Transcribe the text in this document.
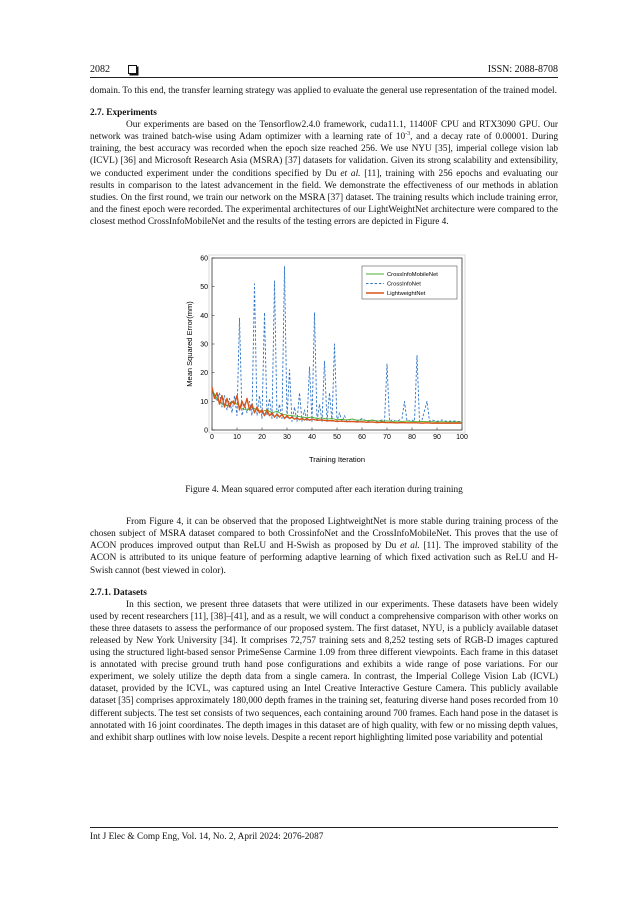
2082	ISSN: 2088-8708

domain. To this end, the transfer learning strategy was applied to evaluate the general use representation of the trained model.

2.7. Experiments

Our experiments are based on the Tensorflow2.4.0 framework, cuda11.1, 11400F CPU and RTX3090 GPU. Our network was trained batch-wise using Adam optimizer with a learning rate of $10^{-3}$, and a decay rate of 0.00001. During training, the best accuracy was recorded when the epoch size reached 256. We use NYU [35], imperial college vision lab (ICVL) [36] and Microsoft Research Asia (MSRA) [37] datasets for validation. Given its strong scalability and extensibility, we conducted experiment under the conditions specified by Du et al. [11], training with 256 epochs and evaluating our results in comparison to the latest advancement in the field. We demonstrate the effectiveness of our methods in ablation studies. On the first round, we train our network on the MSRA [37] dataset. The training results which include training error, and the finest epoch were recorded. The experimental architectures of our LightWeightNet architecture were compared to the closest method CrossInfoMobileNet and the results of the testing errors are depicted in Figure 4.

0	10 20 30 40 50 60 70 80 90 100
0
10
20
30
40
50
60
CrossInfoMobileNet
CrossInfoNet
LightweightNet
Training Iteration
Mean Squared Error(mm)
Figure 4. Mean squared error computed after each iteration during training

From Figure 4, it can be observed that the proposed LightweightNet is more stable during training process of the chosen subject of MSRA dataset compared to both CrossinfoNet and the CrossInfoMobileNet. This proves that the use of ACON produces improved output than ReLU and H-Swish as proposed by Du et al. [11]. The improved stability of the ACON is attributed to its unique feature of performing adaptive learning of which fixed activation such as ReLU and H-Swish cannot (best viewed in color).

2.7.1. Datasets

In this section, we present three datasets that were utilized in our experiments. These datasets have been widely used by recent researchers [11], [38]–[41], and as a result, we will conduct a comprehensive comparison with other works on these three datasets to assess the performance of our proposed system. The first dataset, NYU, is a publicly available dataset released by New York University [34]. It comprises 72,757 training sets and 8,252 testing sets of RGB-D images captured using the structured light-based sensor PrimeSense Carmine 1.09 from three different viewpoints. Each frame in this dataset is annotated with precise ground truth hand pose configurations and exhibits a wide range of pose variations. For our experiment, we solely utilize the depth data from a single camera. In contrast, the Imperial College Vision Lab (ICVL) dataset, provided by the ICVL, was captured using an Intel Creative Interactive Gesture Camera. This publicly available dataset [35] comprises approximately 180,000 depth frames in the training set, featuring diverse hand poses recorded from 10 different subjects. The test set consists of two sequences, each containing around 700 frames. Each hand pose in the dataset is annotated with 16 joint coordinates. The depth images in this dataset are of high quality, with few or no missing depth values, and exhibit sharp outlines with low noise levels. Despite a recent report highlighting limited pose variability and potential

Int J Elec & Comp Eng, Vol. 14, No. 2, April 2024: 2076-2087
